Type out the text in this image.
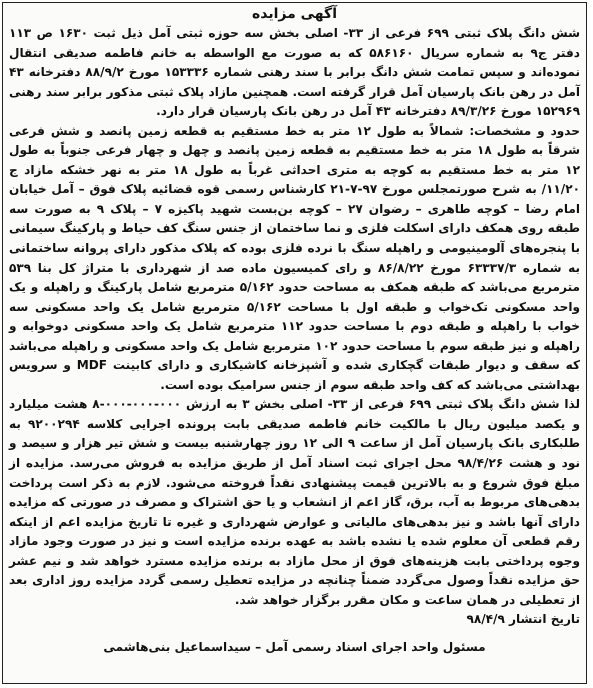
آگهی مزایده

شش دانگ پلاک ثبتی ۶۹۹ فرعی از ۳۳- اصلی بخش سه حوزه ثبتی آمل ذیل ثبت ۱۶۳۰ ص ۱۱۳ دفتر ج۹ به شماره سریال ۵۸۶۱۶۰ که به صورت مع الواسطه به خانم فاطمه صدیقی انتقال نموده‌اند و سپس تمامت شش دانگ برابر با سند رهنی شماره ۱۵۳۳۳۶ مورخ ۸۸/۹/۲ دفترخانه ۴۳ آمل در رهن بانک پارسیان آمل قرار گرفته است. همچنین مازاد پلاک ثبتی مذکور برابر سند رهنی ۱۵۲۹۶۹ مورخ ۸۹/۳/۲۶ دفترخانه ۴۳ آمل در رهن بانک پارسیان قرار دارد.

حدود و مشخصات: شمالاً به طول ۱۲ متر به خط مستقیم به قطعه زمین پانصد و شش فرعی شرقاً به طول ۱۸ متر به خط مستقیم به قطعه زمین پانصد و چهل و چهار فرعی جنوباً به طول ۱۲ متر به خط مستقیم به کوچه به متری احداثی غرباً به طول ۱۸ متر به نهر خشکه مازاد ج ۱۱/۲۰/ به شرح صورتمجلس مورخ ۹۷-۷-۲۱ کارشناس رسمی قوه قضائیه پلاک فوق – آمل خیابان امام رضا – کوچه طاهری – رضوان ۲۷ – کوچه بن‌بست شهید پاکیزه ۷ – پلاک ۹ به صورت سه طبقه روی همکف دارای اسکلت فلزی و نما ساختمان از جنس سنگ کف حیاط و پارکینگ سیمانی با پنجره‌های آلومینیومی و راهپله سنگ با نرده فلزی بوده که پلاک مذکور دارای پروانه ساختمانی به شماره ۶۳۳۳۷/۳ مورخ ۸۶/۸/۲۲ و رای کمیسیون ماده صد از شهرداری با متراژ کل بنا ۵۳۹ مترمربع می‌باشد که طبقه همکف به مساحت حدود ۵/۱۶۲ مترمربع شامل پارکینگ و راهپله و یک واحد مسکونی تک‌خواب و طبقه اول با مساحت ۵/۱۶۲ مترمربع شامل یک واحد مسکونی سه خواب با راهپله و طبقه دوم با مساحت حدود ۱۱۲ مترمربع شامل یک واحد مسکونی دوخوابه و راهپله و نیز طبقه سوم با مساحت حدود ۱۰۲ مترمربع شامل یک واحد مسکونی و راهپله می‌باشد که سقف و دیوار طبقات گچکاری شده و آشپزخانه کاشیکاری و دارای کابینت MDF و سرویس بهداشتی می‌باشد که کف واحد طبقه سوم از جنس سرامیک بوده است.

لذا شش دانگ پلاک ثبتی ۶۹۹ فرعی از ۳۳- اصلی بخش ۳ به ارزش ۰۰۰-۰۰۰-۰۰۰-۸ هشت میلیارد و یکصد میلیون ریال با مالکیت خانم فاطمه صدیقی بابت پرونده اجرایی کلاسه ۹۲۰۰۲۹۴ به طلبکاری بانک پارسیان آمل از ساعت ۹ الی ۱۲ روز چهارشنبه بیست و شش تیر هزار و سیصد و نود و هشت ۹۸/۴/۲۶ محل اجرای ثبت اسناد آمل از طریق مزایده به فروش می‌رسد. مزایده از مبلغ فوق شروع و به بالاترین قیمت پیشنهادی نقداً فروخته می‌شود. لازم به ذکر است پرداخت بدهی‌های مربوط به آب، برق، گاز اعم از انشعاب و یا حق اشتراک و مصرف در صورتی که مزایده دارای آنها باشد و نیز بدهی‌های مالیاتی و عوارض شهرداری و غیره تا تاریخ مزایده اعم از اینکه رقم قطعی آن معلوم شده یا نشده باشد به عهده برنده مزایده است و نیز در صورت وجود مازاد وجوه پرداختی بابت هزینه‌های فوق از محل مازاد به برنده مزایده مسترد خواهد شد و نیم عشر حق مزایده نقداً وصول می‌گردد ضمناً چنانچه در مزایده تعطیل رسمی گردد مزایده روز اداری بعد از تعطیلی در همان ساعت و مکان مقرر برگزار خواهد شد.

تاریخ انتشار ۹۸/۴/۹

مسئول واحد اجرای اسناد رسمی آمل – سیداسماعیل بنی‌هاشمی
